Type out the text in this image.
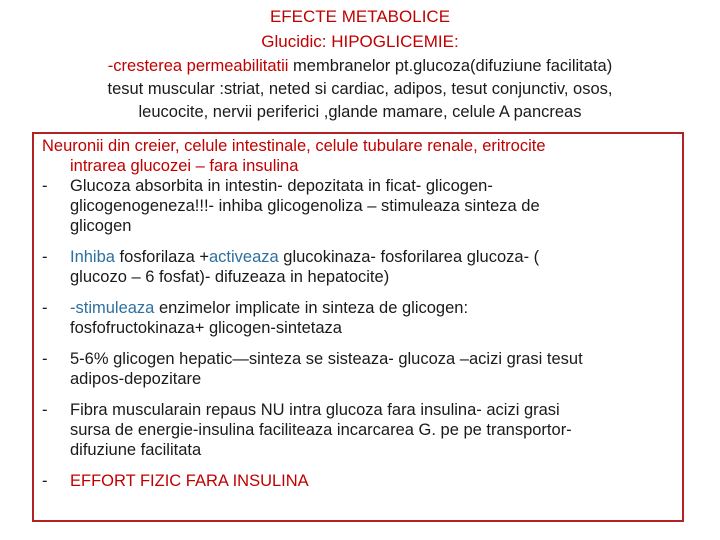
EFECTE METABOLICE
Glucidic: HIPOGLICEMIE:
-cresterea permeabilitatii membranelor pt.glucoza(difuziune facilitata)
tesut muscular :striat, neted si cardiac, adipos, tesut conjunctiv, osos,
leucocite, nervii periferici ,glande mamare, celule A pancreas
Neuronii din creier, celule intestinale, celule tubulare renale, eritrocite
intrarea glucozei – fara insulina
- Glucoza absorbita in intestin- depozitata in ficat- glicogen-
glicogenogeneza!!!- inhiba glicogenoliza – stimuleaza sinteza de
glicogen
- Inhiba fosforilaza +activeaza glucokinaza- fosforilarea glucoza- (
glucozo – 6 fosfat)- difuzeaza in hepatocite)
- -stimuleaza enzimelor implicate in sinteza de glicogen:
fosfofructokinaza+ glicogen-sintetaza
- 5-6% glicogen hepatic—sinteza se sisteaza- glucoza –acizi grasi tesut
adipos-depozitare
- Fibra muscularain repaus NU intra glucoza fara insulina- acizi grasi
sursa de energie-insulina faciliteaza incarcarea G. pe pe transportor-
difuziune facilitata
- EFFORT FIZIC FARA INSULINA
